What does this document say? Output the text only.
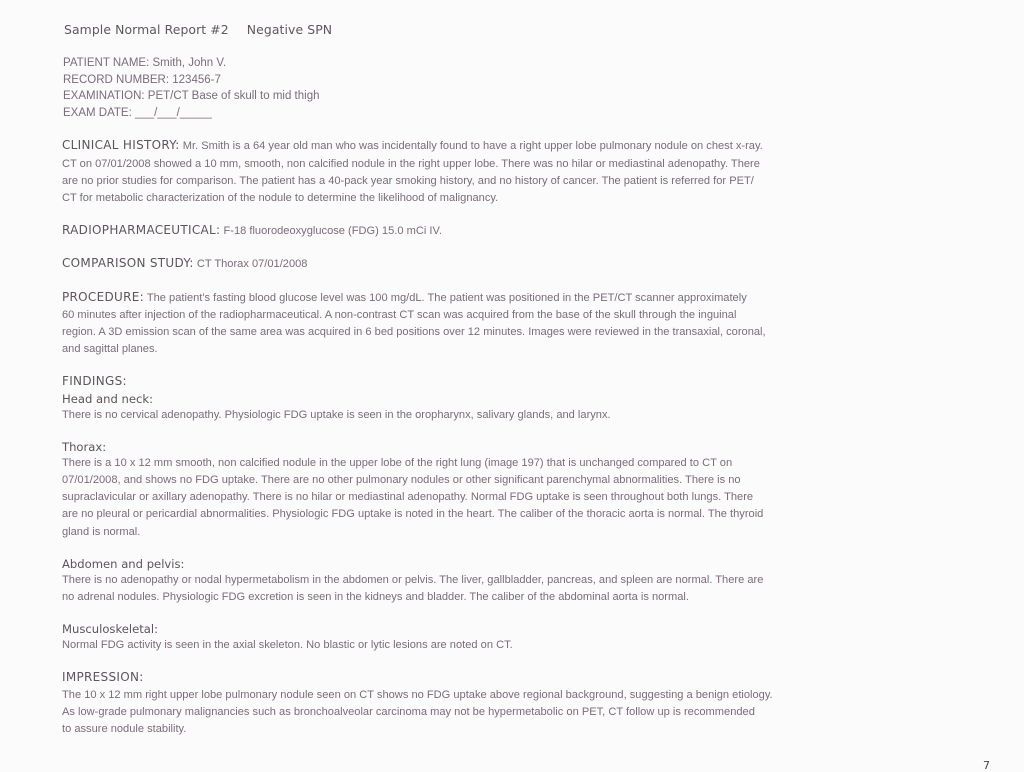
Sample Normal Report #2 Negative SPN
PATIENT NAME: Smith, John V.
RECORD NUMBER: 123456-7
EXAMINATION: PET/CT Base of skull to mid thigh
EXAM DATE: ___/___/_____
CLINICAL HISTORY: Mr. Smith is a 64 year old man who was incidentally found to have a right upper lobe pulmonary nodule on chest x-ray.
CT on 07/01/2008 showed a 10 mm, smooth, non calcified nodule in the right upper lobe. There was no hilar or mediastinal adenopathy. There
are no prior studies for comparison. The patient has a 40-pack year smoking history, and no history of cancer. The patient is referred for PET/
CT for metabolic characterization of the nodule to determine the likelihood of malignancy.
RADIOPHARMACEUTICAL: F-18 fluorodeoxyglucose (FDG) 15.0 mCi IV.
COMPARISON STUDY: CT Thorax 07/01/2008
PROCEDURE: The patient's fasting blood glucose level was 100 mg/dL. The patient was positioned in the PET/CT scanner approximately
60 minutes after injection of the radiopharmaceutical. A non-contrast CT scan was acquired from the base of the skull through the inguinal
region. A 3D emission scan of the same area was acquired in 6 bed positions over 12 minutes. Images were reviewed in the transaxial, coronal,
and sagittal planes.
FINDINGS:
Head and neck:
There is no cervical adenopathy. Physiologic FDG uptake is seen in the oropharynx, salivary glands, and larynx.
Thorax:
There is a 10 x 12 mm smooth, non calcified nodule in the upper lobe of the right lung (image 197) that is unchanged compared to CT on
07/01/2008, and shows no FDG uptake. There are no other pulmonary nodules or other significant parenchymal abnormalities. There is no
supraclavicular or axillary adenopathy. There is no hilar or mediastinal adenopathy. Normal FDG uptake is seen throughout both lungs. There
are no pleural or pericardial abnormalities. Physiologic FDG uptake is noted in the heart. The caliber of the thoracic aorta is normal. The thyroid
gland is normal.
Abdomen and pelvis:
There is no adenopathy or nodal hypermetabolism in the abdomen or pelvis. The liver, gallbladder, pancreas, and spleen are normal. There are
no adrenal nodules. Physiologic FDG excretion is seen in the kidneys and bladder. The caliber of the abdominal aorta is normal.
Musculoskeletal:
Normal FDG activity is seen in the axial skeleton. No blastic or lytic lesions are noted on CT.
IMPRESSION:
The 10 x 12 mm right upper lobe pulmonary nodule seen on CT shows no FDG uptake above regional background, suggesting a benign etiology.
As low-grade pulmonary malignancies such as bronchoalveolar carcinoma may not be hypermetabolic on PET, CT follow up is recommended
to assure nodule stability.
7
